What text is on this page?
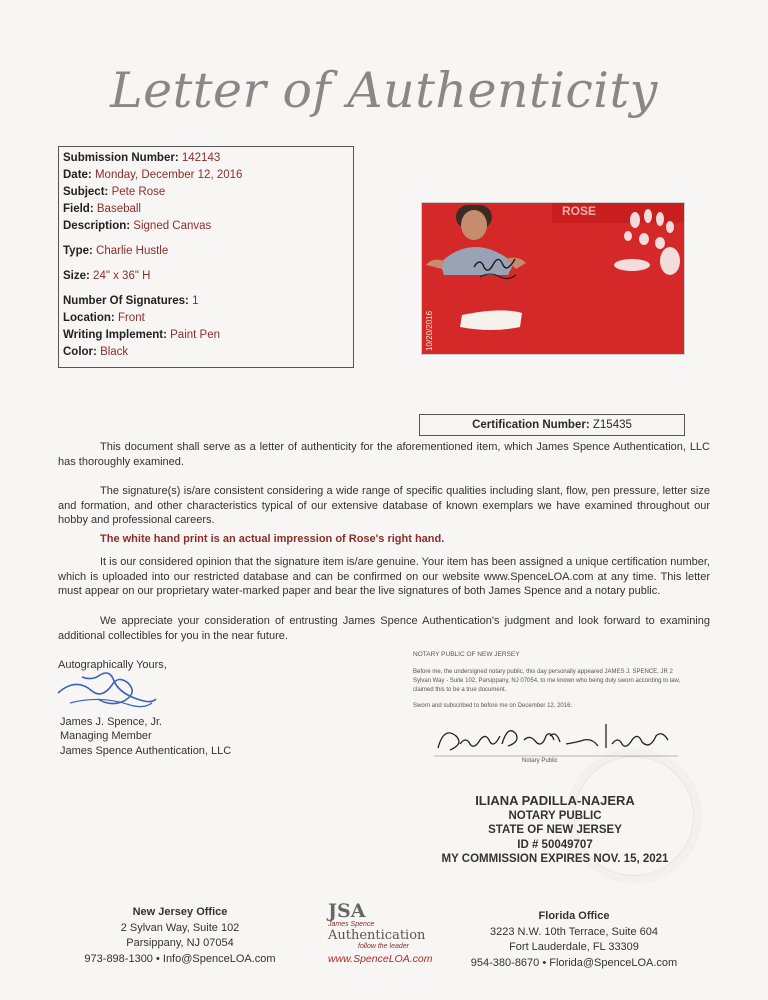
Letter of Authenticity
Submission Number: 142143
Date: Monday, December 12, 2016
Subject: Pete Rose
Field: Baseball
Description: Signed Canvas
Type: Charlie Hustle
Size: 24" x 36" H
Number Of Signatures: 1
Location: Front
Writing Implement: Paint Pen
Color: Black
ROSE
10/20/2016
Certification Number: Z15435
This document shall serve as a letter of authenticity for the aforementioned item, which James Spence Authentication, LLC has thoroughly examined.
The signature(s) is/are consistent considering a wide range of specific qualities including slant, flow, pen pressure, letter size and formation, and other characteristics typical of our extensive database of known exemplars we have examined throughout our hobby and professional careers.
The white hand print is an actual impression of Rose's right hand.
It is our considered opinion that the signature item is/are genuine. Your item has been assigned a unique certification number, which is uploaded into our restricted database and can be confirmed on our website www.SpenceLOA.com at any time. This letter must appear on our proprietary water-marked paper and bear the live signatures of both James Spence and a notary public.
We appreciate your consideration of entrusting James Spence Authentication's judgment and look forward to examining additional collectibles for you in the near future.
Autographically Yours,
James J. Spence, Jr.
Managing Member
James Spence Authentication, LLC
NOTARY PUBLIC OF NEW JERSEY
Before me, the undersigned notary public, this day personally appeared JAMES J. SPENCE, JR 2 Sylvan Way - Suite 102, Parsippany, NJ 07054, to me known who being duly sworn according to law, claimed this to be a true document.
Sworn and subscribed to before me on December 12, 2016.
Notary Public
ILIANA PADILLA-NAJERA
NOTARY PUBLIC
STATE OF NEW JERSEY
ID # 50049707
MY COMMISSION EXPIRES NOV. 15, 2021
New Jersey Office
2 Sylvan Way, Suite 102
Parsippany, NJ 07054
973-898-1300 • Info@SpenceLOA.com
JSA
James Spence
Authentication
follow the leader
www.SpenceLOA.com
Florida Office
3223 N.W. 10th Terrace, Suite 604
Fort Lauderdale, FL 33309
954-380-8670 • Florida@SpenceLOA.com
